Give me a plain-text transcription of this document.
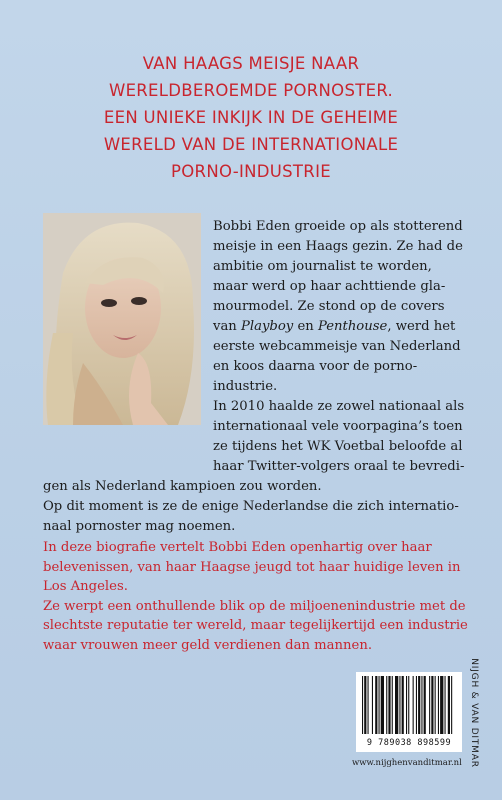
VAN HAAGS MEISJE NAAR
WERELDBEROEMDE PORNOSTER.
EEN UNIEKE INKIJK IN DE GEHEIME
WERELD VAN DE INTERNATIONALE
PORNO-INDUSTRIE
Bobbi Eden groeide op als stotterend
meisje in een Haags gezin. Ze had de
ambitie om journalist te worden,
maar werd op haar achttiende gla-
mourmodel. Ze stond op de covers
van Playboy en Penthouse, werd het
eerste webcammeisje van Nederland
en koos daarna voor de porno-
industrie.
In 2010 haalde ze zowel nationaal als
internationaal vele voorpagina’s toen
ze tijdens het WK Voetbal beloofde al
haar Twitter-volgers oraal te bevredi-
gen als Nederland kampioen zou worden.
Op dit moment is ze de enige Nederlandse die zich internatio-
naal pornoster mag noemen.
In deze biografie vertelt Bobbi Eden openhartig over haar
belevenissen, van haar Haagse jeugd tot haar huidige leven in
Los Angeles.
Ze werpt een onthullende blik op de miljoenenindustrie met de
slechtste reputatie ter wereld, maar tegelijkertijd een industrie
waar vrouwen meer geld verdienen dan mannen.
9 789038 898599	NIJGH & VAN DITMAR
www.nijghenvanditmar.nl
